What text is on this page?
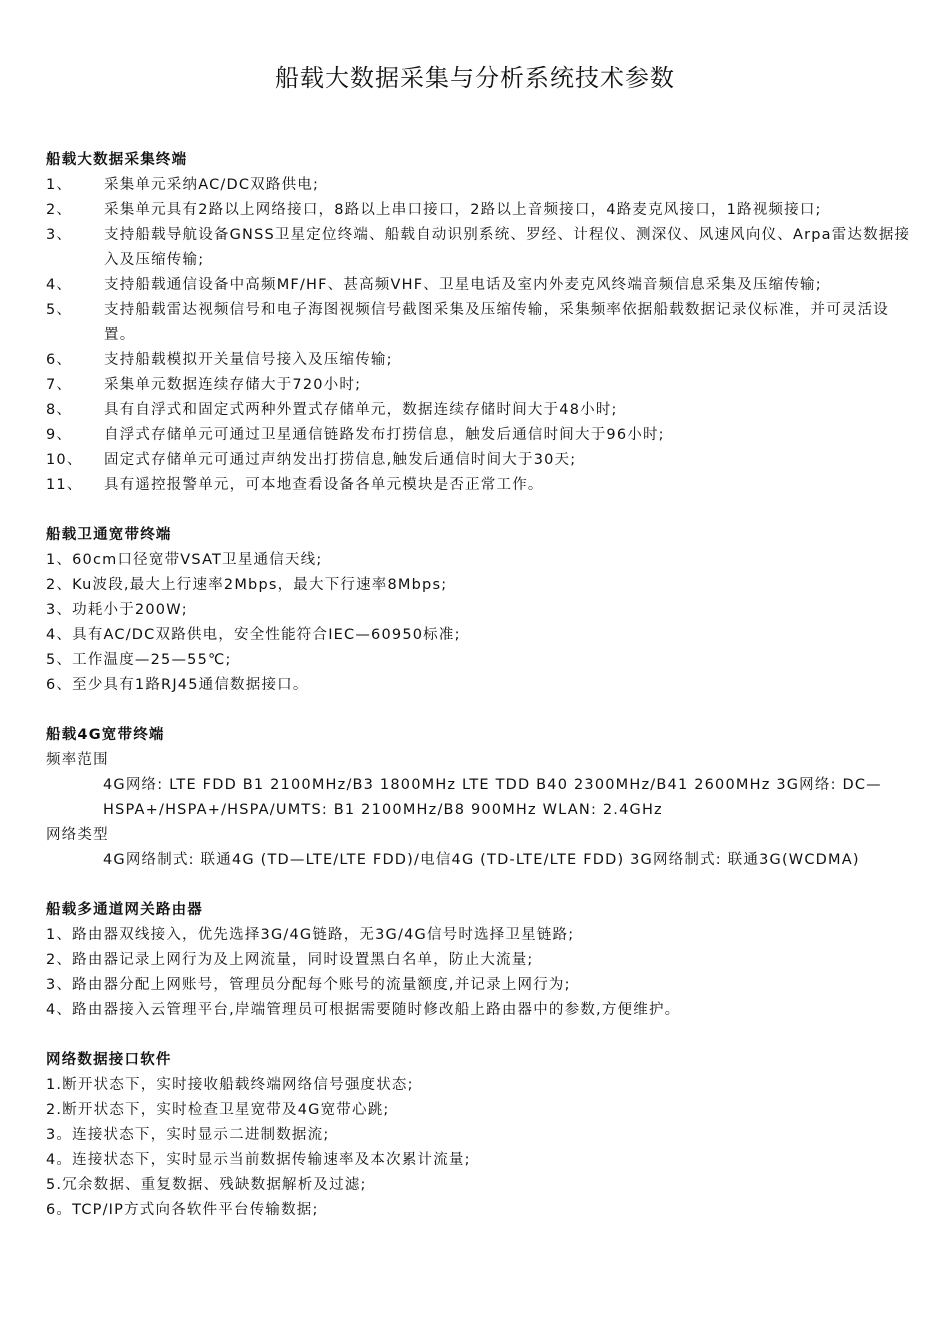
船载大数据采集与分析系统技术参数
船载大数据采集终端
1、	采集单元采纳AC/DC双路供电;
2、	采集单元具有2路以上网络接口，8路以上串口接口，2路以上音频接口，4路麦克风接口，1路视频接口;
3、	支持船载导航设备GNSS卫星定位终端、船载自动识别系统、罗经、计程仪、测深仪、风速风向仪、Arpa雷达数据接入及压缩传输;
4、	支持船载通信设备中高频MF/HF、甚高频VHF、卫星电话及室内外麦克风终端音频信息采集及压缩传输;
5、	支持船载雷达视频信号和电子海图视频信号截图采集及压缩传输，采集频率依据船载数据记录仪标准，并可灵活设置。
6、	支持船载模拟开关量信号接入及压缩传输;
7、	采集单元数据连续存储大于720小时;
8、	具有自浮式和固定式两种外置式存储单元，数据连续存储时间大于48小时;
9、	自浮式存储单元可通过卫星通信链路发布打捞信息，触发后通信时间大于96小时;
10、	固定式存储单元可通过声纳发出打捞信息,触发后通信时间大于30天;
11、	具有遥控报警单元，可本地查看设备各单元模块是否正常工作。
船载卫通宽带终端
1、60cm口径宽带VSAT卫星通信天线;
2、Ku波段,最大上行速率2Mbps，最大下行速率8Mbps;
3、功耗小于200W;
4、具有AC/DC双路供电，安全性能符合IEC—60950标准;
5、工作温度—25—55℃;
6、至少具有1路RJ45通信数据接口。
船载4G宽带终端
频率范围
4G网络: LTE FDD B1 2100MHz/B3 1800MHz LTE TDD B40 2300MHz/B41 2600MHz 3G网络: DC—HSPA+/HSPA+/HSPA/UMTS: B1 2100MHz/B8 900MHz WLAN: 2.4GHz
网络类型
4G网络制式: 联通4G (TD—LTE/LTE FDD)/电信4G (TD-LTE/LTE FDD) 3G网络制式: 联通3G(WCDMA)
船载多通道网关路由器
1、路由器双线接入，优先选择3G/4G链路，无3G/4G信号时选择卫星链路;
2、路由器记录上网行为及上网流量，同时设置黑白名单，防止大流量;
3、路由器分配上网账号，管理员分配每个账号的流量额度,并记录上网行为;
4、路由器接入云管理平台,岸端管理员可根据需要随时修改船上路由器中的参数,方便维护。
网络数据接口软件
1.断开状态下，实时接收船载终端网络信号强度状态;
2.断开状态下，实时检查卫星宽带及4G宽带心跳;
3。连接状态下，实时显示二进制数据流;
4。连接状态下，实时显示当前数据传输速率及本次累计流量;
5.冗余数据、重复数据、残缺数据解析及过滤;
6。TCP/IP方式向各软件平台传输数据;
